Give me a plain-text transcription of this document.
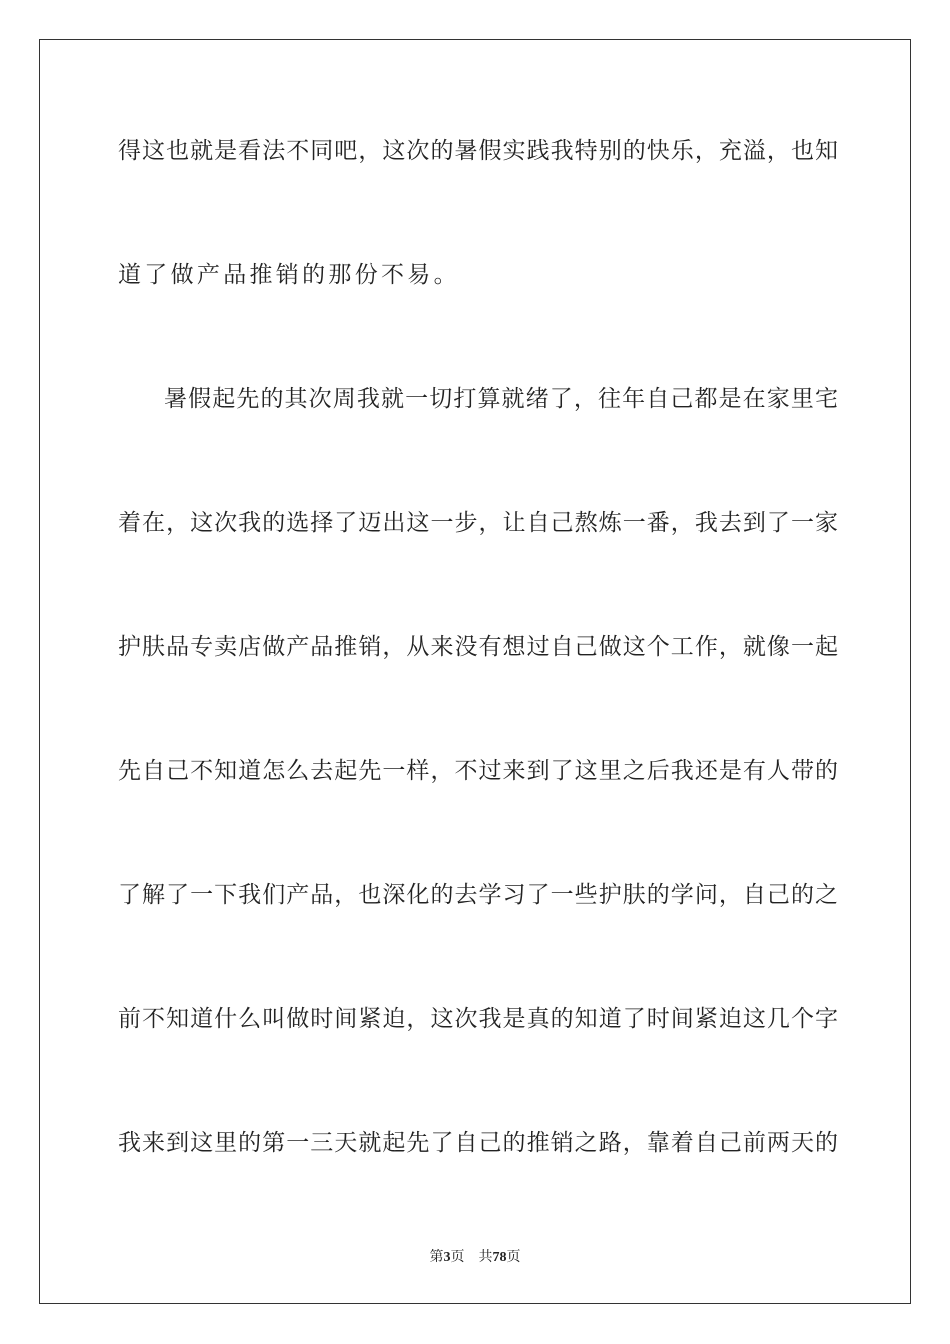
得这也就是看法不同吧，这次的暑假实践我特别的快乐，充溢，也知
道了做产品推销的那份不易。
暑假起先的其次周我就一切打算就绪了，往年自己都是在家里宅
着在，这次我的选择了迈出这一步，让自己熬炼一番，我去到了一家
护肤品专卖店做产品推销，从来没有想过自己做这个工作，就像一起
先自己不知道怎么去起先一样，不过来到了这里之后我还是有人带的
了解了一下我们产品，也深化的去学习了一些护肤的学问，自己的之
前不知道什么叫做时间紧迫，这次我是真的知道了时间紧迫这几个字
我来到这里的第一三天就起先了自己的推销之路，靠着自己前两天的
第3页 共78页
